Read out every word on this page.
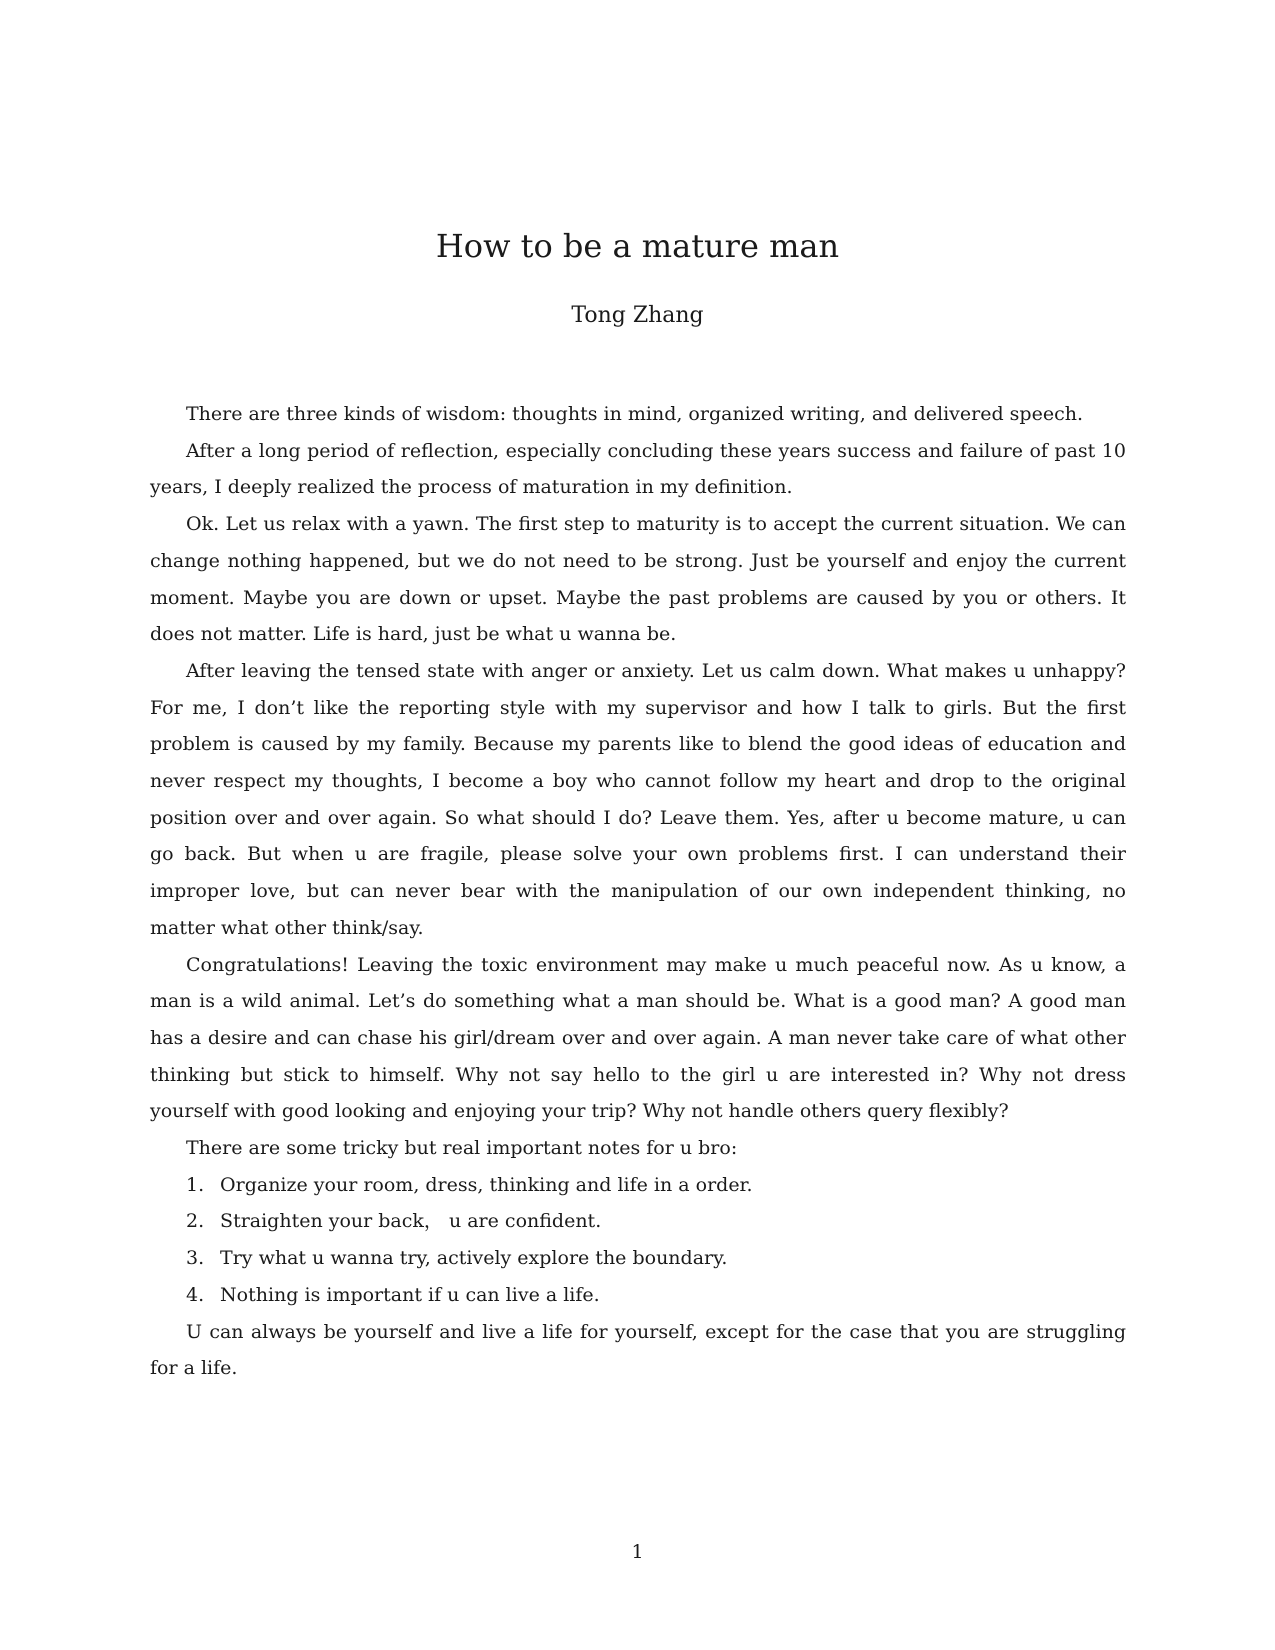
How to be a mature man
Tong Zhang

There are three kinds of wisdom: thoughts in mind, organized writing, and delivered speech.

After a long period of reflection, especially concluding these years success and failure of past 10 years, I deeply realized the process of maturation in my definition.

Ok. Let us relax with a yawn. The first step to maturity is to accept the current situation. We can change nothing happened, but we do not need to be strong. Just be yourself and enjoy the current moment. Maybe you are down or upset. Maybe the past problems are caused by you or others. It does not matter. Life is hard, just be what u wanna be.

After leaving the tensed state with anger or anxiety. Let us calm down. What makes u unhappy? For me, I don’t like the reporting style with my supervisor and how I talk to girls. But the first problem is caused by my family. Because my parents like to blend the good ideas of education and never respect my thoughts, I become a boy who cannot follow my heart and drop to the original position over and over again. So what should I do? Leave them. Yes, after u become mature, u can go back. But when u are fragile, please solve your own problems first. I can understand their improper love, but can never bear with the manipulation of our own independent thinking, no matter what other think/say.

Congratulations! Leaving the toxic environment may make u much peaceful now. As u know, a man is a wild animal. Let’s do something what a man should be. What is a good man? A good man has a desire and can chase his girl/dream over and over again. A man never take care of what other thinking but stick to himself. Why not say hello to the girl u are interested in? Why not dress yourself with good looking and enjoying your trip? Why not handle others query flexibly?

There are some tricky but real important notes for u bro:

1. Organize your room, dress, thinking and life in a order.
2. Straighten your back， u are confident.
3. Try what u wanna try, actively explore the boundary.
4. Nothing is important if u can live a life.

U can always be yourself and live a life for yourself, except for the case that you are struggling for a life.

1
